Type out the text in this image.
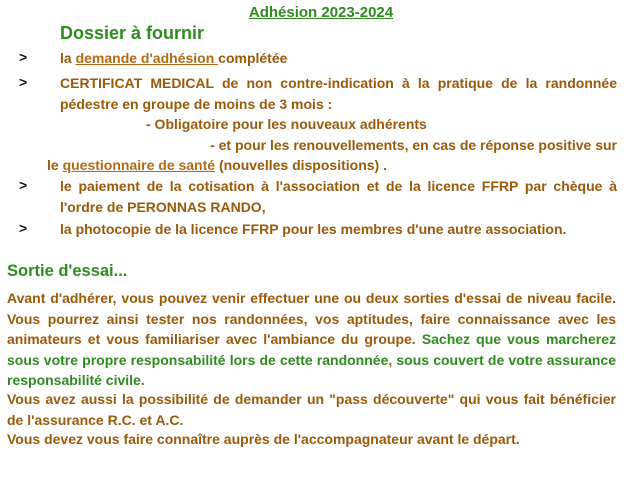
Adhésion 2023-2024
Dossier à fournir
> la demande d'adhésion complétée
> CERTIFICAT MEDICAL de non contre-indication à la pratique de la randonnée pédestre en groupe de moins de 3 mois :
- Obligatoire pour les nouveaux adhérents
- et pour les renouvellements, en cas de réponse positive sur
le questionnaire de santé (nouvelles dispositions) .
> le paiement de la cotisation à l'association et de la licence FFRP par chèque à l'ordre de PERONNAS RANDO,
> la photocopie de la licence FFRP pour les membres d'une autre association.
Sortie d'essai...
Avant d'adhérer, vous pouvez venir effectuer une ou deux sorties d'essai de niveau facile. Vous pourrez ainsi tester nos randonnées, vos aptitudes, faire connaissance avec les animateurs et vous familiariser avec l'ambiance du groupe. Sachez que vous marcherez sous votre propre responsabilité lors de cette randonnée, sous couvert de votre assurance responsabilité civile.
Vous avez aussi la possibilité de demander un "pass découverte" qui vous fait bénéficier de l'assurance R.C. et A.C.
Vous devez vous faire connaître auprès de l'accompagnateur avant le départ.
